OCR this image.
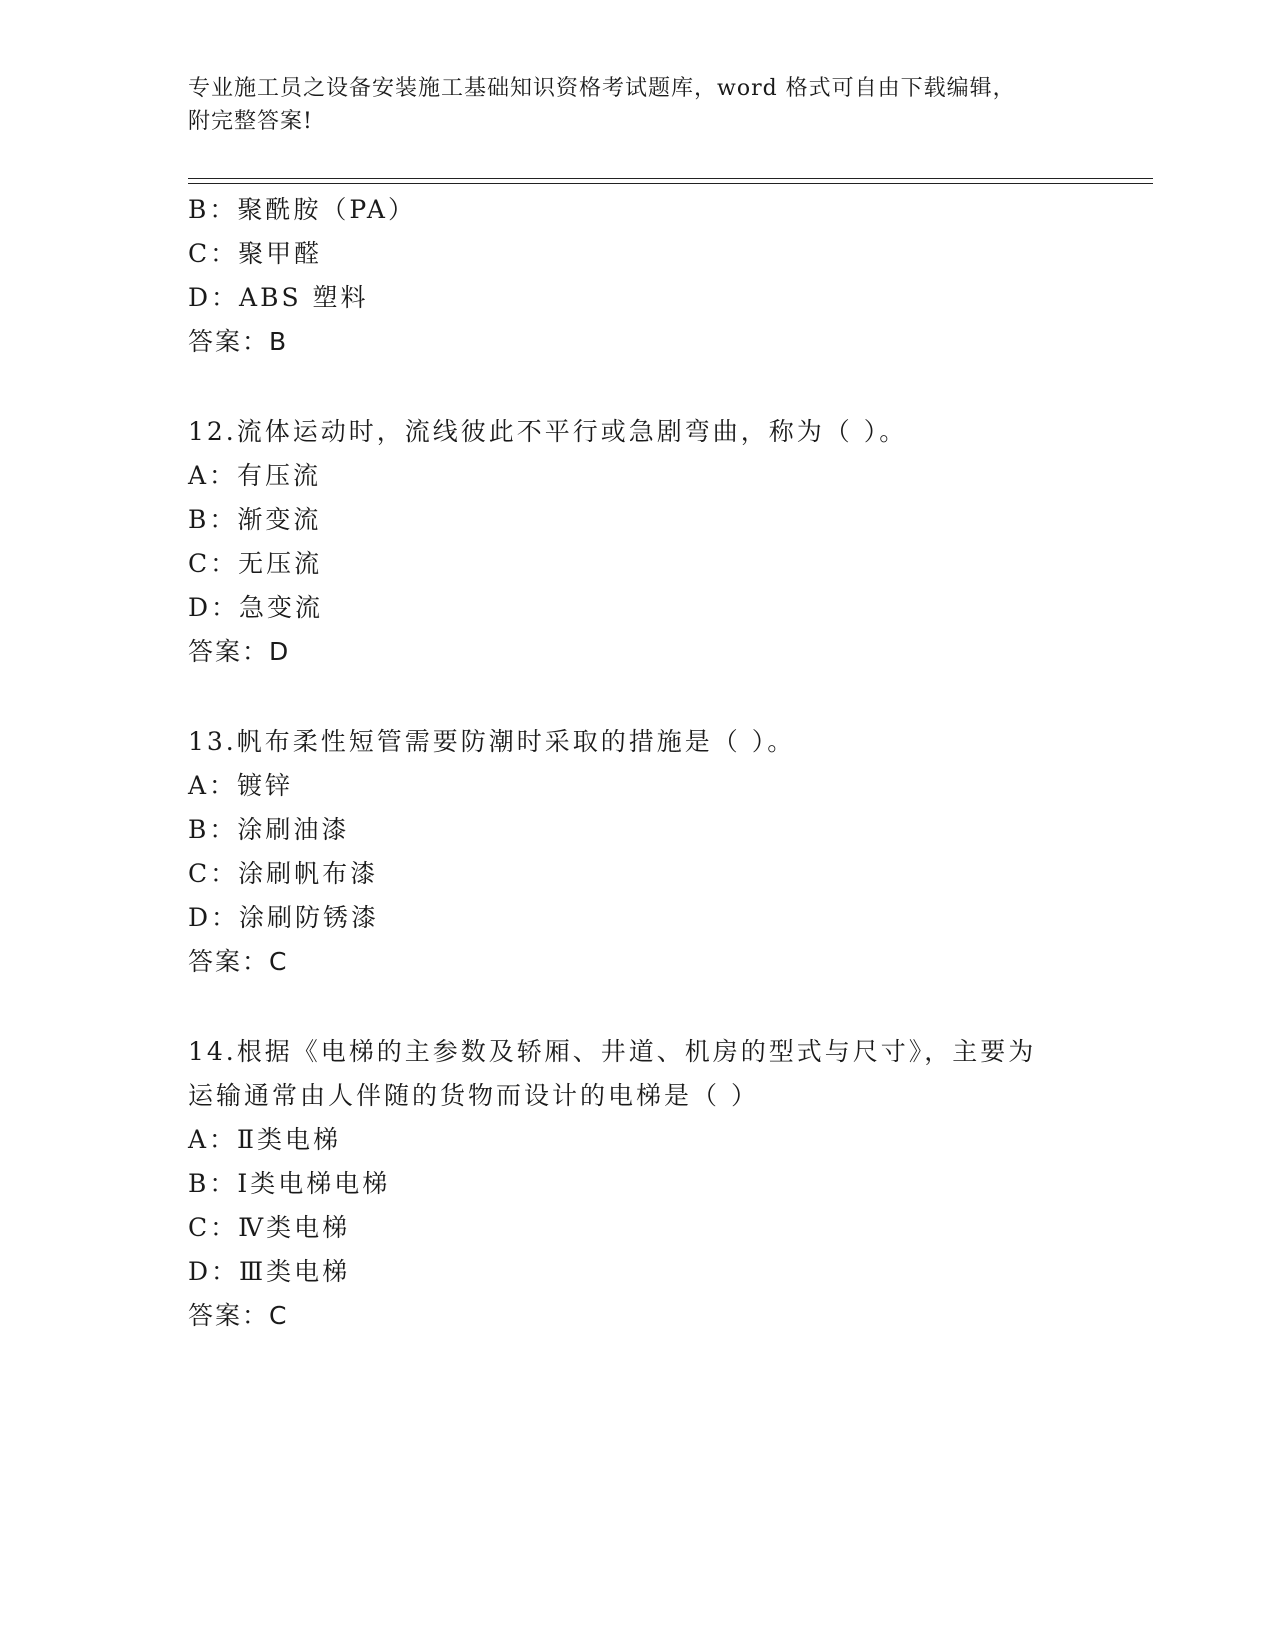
专业施工员之设备安装施工基础知识资格考试题库，word 格式可自由下载编辑，
附完整答案!
B：聚酰胺（PA）
C：聚甲醛
D：ABS 塑料
答案：B
12.流体运动时，流线彼此不平行或急剧弯曲，称为（ ）。
A：有压流
B：渐变流
C：无压流
D：急变流
答案：D
13.帆布柔性短管需要防潮时采取的措施是（ ）。
A：镀锌
B：涂刷油漆
C：涂刷帆布漆
D：涂刷防锈漆
答案：C
14.根据《电梯的主参数及轿厢、井道、机房的型式与尺寸》，主要为
运输通常由人伴随的货物而设计的电梯是（ ）
A：Ⅱ类电梯
B：Ⅰ类电梯电梯
C：Ⅳ类电梯
D：Ⅲ类电梯
答案：C
